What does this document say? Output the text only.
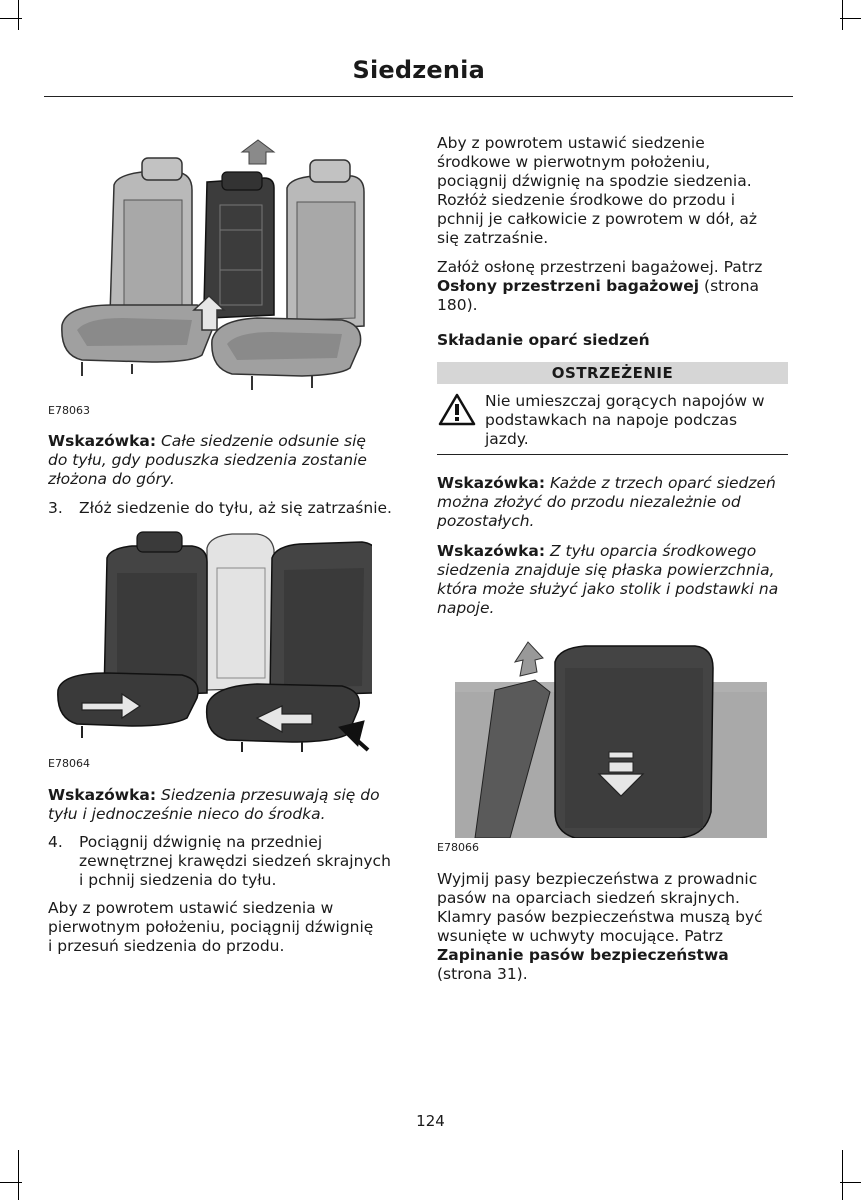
Siedzenia
E78063
Wskazówka: Całe siedzenie odsunie się
do tyłu, gdy poduszka siedzenia zostanie
złożona do góry.
3. Złóż siedzenie do tyłu, aż się zatrzaśnie.
E78064
Wskazówka: Siedzenia przesuwają się do
tyłu i jednocześnie nieco do środka.
4. Pociągnij dźwignię na przedniej
zewnętrznej krawędzi siedzeń skrajnych
i pchnij siedzenia do tyłu.
Aby z powrotem ustawić siedzenia w
pierwotnym położeniu, pociągnij dźwignię
i przesuń siedzenia do przodu.
Aby z powrotem ustawić siedzenie
środkowe w pierwotnym położeniu,
pociągnij dźwignię na spodzie siedzenia.
Rozłóż siedzenie środkowe do przodu i
pchnij je całkowicie z powrotem w dół, aż
się zatrzaśnie.
Załóż osłonę przestrzeni bagażowej. Patrz
Osłony przestrzeni bagażowej (strona
180).
Składanie oparć siedzeń
OSTRZEŻENIE
Nie umieszczaj gorących napojów w
podstawkach na napoje podczas
jazdy.
Wskazówka: Każde z trzech oparć siedzeń
można złożyć do przodu niezależnie od
pozostałych.
Wskazówka: Z tyłu oparcia środkowego
siedzenia znajduje się płaska powierzchnia,
która może służyć jako stolik i podstawki na
napoje.
E78066
Wyjmij pasy bezpieczeństwa z prowadnic
pasów na oparciach siedzeń skrajnych.
Klamry pasów bezpieczeństwa muszą być
wsunięte w uchwyty mocujące. Patrz
Zapinanie pasów bezpieczeństwa
(strona 31).
124
